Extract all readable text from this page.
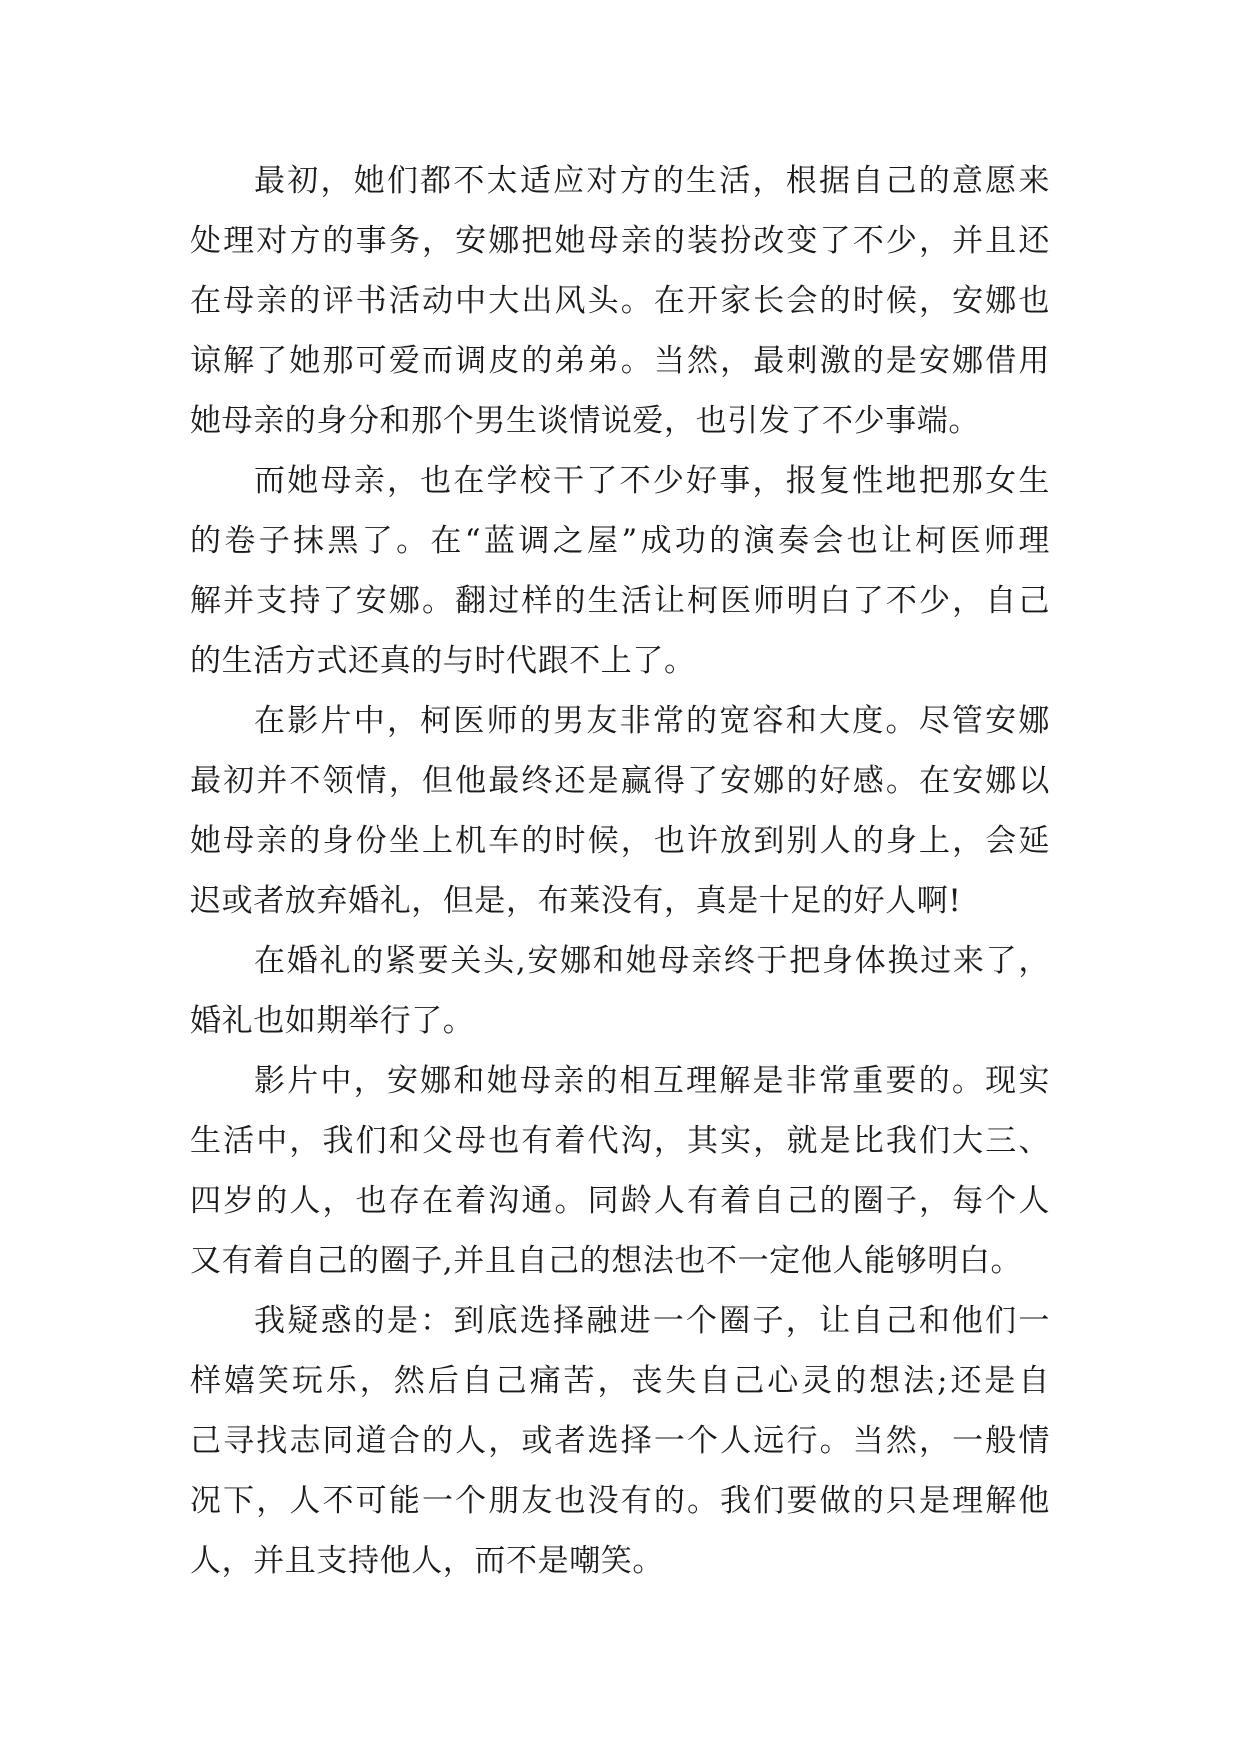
最初，她们都不太适应对方的生活，根据自己的意愿来
处理对方的事务，安娜把她母亲的装扮改变了不少，并且还
在母亲的评书活动中大出风头。在开家长会的时候，安娜也
谅解了她那可爱而调皮的弟弟。当然，最刺激的是安娜借用
她母亲的身分和那个男生谈情说爱，也引发了不少事端。
而她母亲，也在学校干了不少好事，报复性地把那女生
的卷子抹黑了。在“蓝调之屋”成功的演奏会也让柯医师理
解并支持了安娜。翻过样的生活让柯医师明白了不少，自己
的生活方式还真的与时代跟不上了。
在影片中，柯医师的男友非常的宽容和大度。尽管安娜
最初并不领情，但他最终还是赢得了安娜的好感。在安娜以
她母亲的身份坐上机车的时候，也许放到别人的身上，会延
迟或者放弃婚礼，但是，布莱没有，真是十足的好人啊!
在婚礼的紧要关头,安娜和她母亲终于把身体换过来了，
婚礼也如期举行了。
影片中，安娜和她母亲的相互理解是非常重要的。现实
生活中，我们和父母也有着代沟，其实，就是比我们大三、
四岁的人，也存在着沟通。同龄人有着自己的圈子，每个人
又有着自己的圈子,并且自己的想法也不一定他人能够明白。
我疑惑的是：到底选择融进一个圈子，让自己和他们一
样嬉笑玩乐，然后自己痛苦，丧失自己心灵的想法;还是自
己寻找志同道合的人，或者选择一个人远行。当然，一般情
况下，人不可能一个朋友也没有的。我们要做的只是理解他
人，并且支持他人，而不是嘲笑。
